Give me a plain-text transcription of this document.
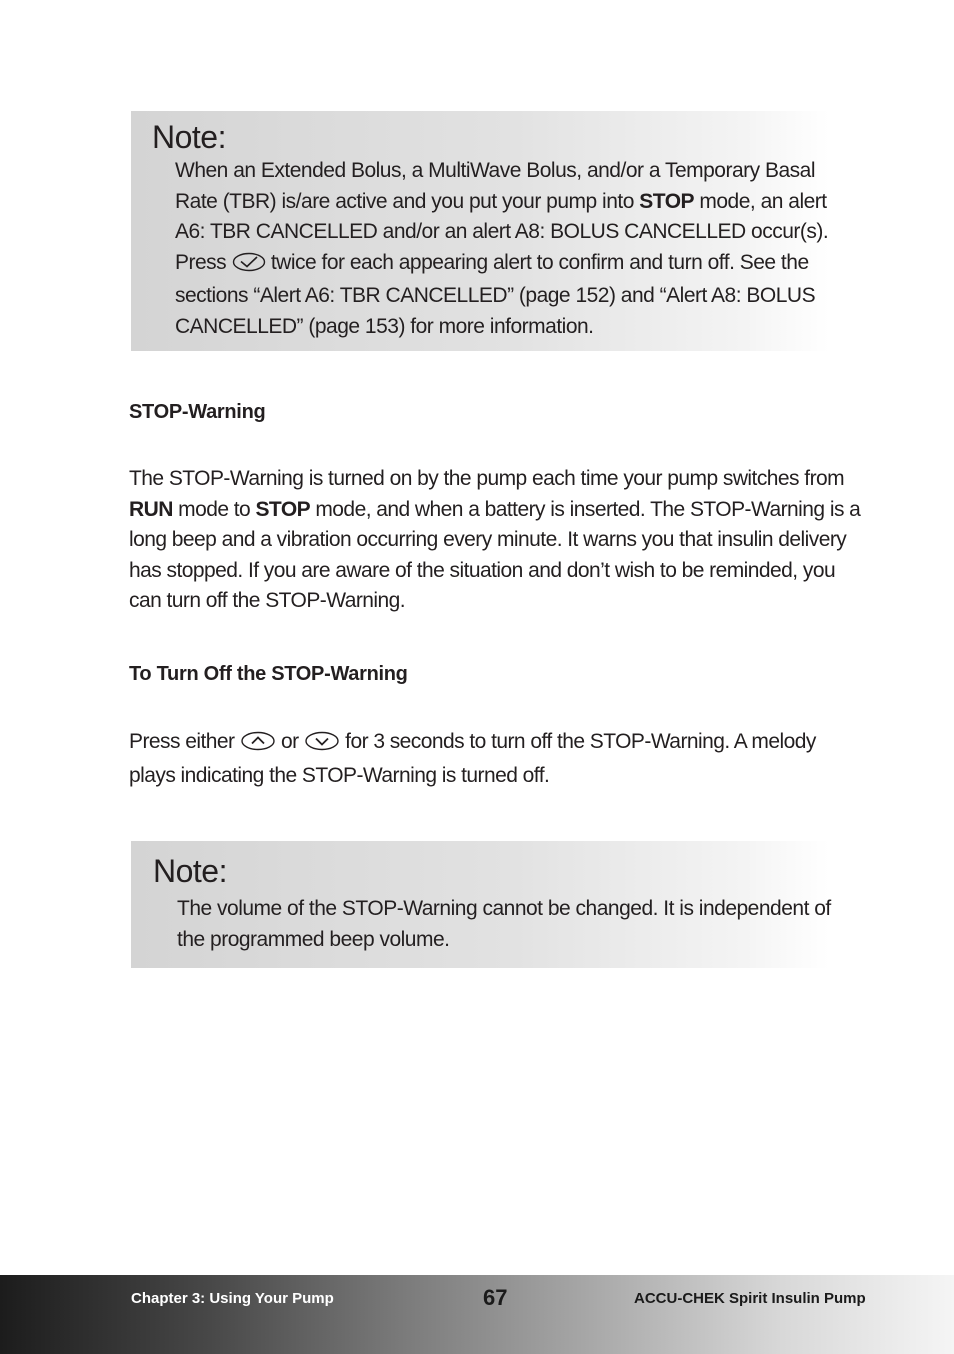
Note:
When an Extended Bolus, a MultiWave Bolus, and/or a Temporary Basal
Rate (TBR) is/are active and you put your pump into STOP mode, an alert
A6: TBR CANCELLED and/or an alert A8: BOLUS CANCELLED occur(s).
Press  twice for each appearing alert to confirm and turn off. See the
sections “Alert A6: TBR CANCELLED” (page 152) and “Alert A8: BOLUS
CANCELLED” (page 153) for more information.
STOP-Warning
The STOP-Warning is turned on by the pump each time your pump switches from RUN mode to STOP mode, and when a battery is inserted. The STOP-Warning is a long beep and a vibration occurring every minute. It warns you that insulin delivery has stopped. If you are aware of the situation and don’t wish to be reminded, you can turn off the STOP-Warning.
To Turn Off the STOP-Warning
Press either  or  for 3 seconds to turn off the STOP-Warning. A melody plays indicating the STOP-Warning is turned off.
Note:
The volume of the STOP-Warning cannot be changed. It is independent of
the programmed beep volume.
Chapter 3: Using Your Pump	67	ACCU-CHEK Spirit Insulin Pump
